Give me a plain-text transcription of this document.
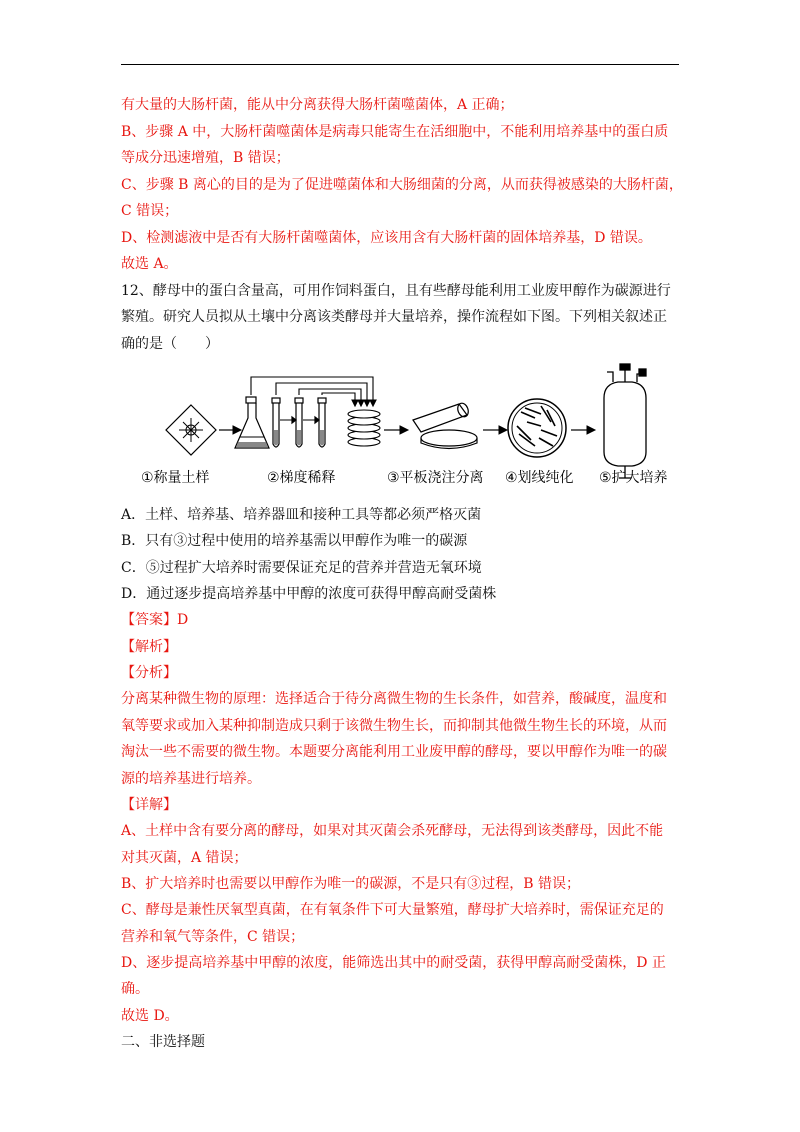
有大量的大肠杆菌，能从中分离获得大肠杆菌噬菌体，A 正确；
B、步骤 A 中，大肠杆菌噬菌体是病毒只能寄生在活细胞中，不能利用培养基中的蛋白质
等成分迅速增殖，B 错误；
C、步骤 B 离心的目的是为了促进噬菌体和大肠细菌的分离，从而获得被感染的大肠杆菌，
C 错误；
D、检测滤液中是否有大肠杆菌噬菌体，应该用含有大肠杆菌的固体培养基，D 错误。
故选 A。
12、酵母中的蛋白含量高，可用作饲料蛋白，且有些酵母能利用工业废甲醇作为碳源进行
繁殖。研究人员拟从土壤中分离该类酵母并大量培养，操作流程如下图。下列相关叙述正
确的是（　　）
①称量土样	②梯度稀释	③平板浇注分离 ④划线纯化 ⑤扩大培养
A．土样、培养基、培养器皿和接种工具等都必须严格灭菌
B．只有③过程中使用的培养基需以甲醇作为唯一的碳源
C．⑤过程扩大培养时需要保证充足的营养并营造无氧环境
D．通过逐步提高培养基中甲醇的浓度可获得甲醇高耐受菌株
【答案】D
【解析】
【分析】
分离某种微生物的原理：选择适合于待分离微生物的生长条件，如营养，酸碱度，温度和
氧等要求或加入某种抑制造成只剩于该微生物生长，而抑制其他微生物生长的环境，从而
淘汰一些不需要的微生物。本题要分离能利用工业废甲醇的酵母，要以甲醇作为唯一的碳
源的培养基进行培养。
【详解】
A、土样中含有要分离的酵母，如果对其灭菌会杀死酵母，无法得到该类酵母，因此不能
对其灭菌，A 错误；
B、扩大培养时也需要以甲醇作为唯一的碳源，不是只有③过程，B 错误；
C、酵母是兼性厌氧型真菌，在有氧条件下可大量繁殖，酵母扩大培养时，需保证充足的
营养和氧气等条件，C 错误；
D、逐步提高培养基中甲醇的浓度，能筛选出其中的耐受菌，获得甲醇高耐受菌株，D 正
确。
故选 D。
二、非选择题
